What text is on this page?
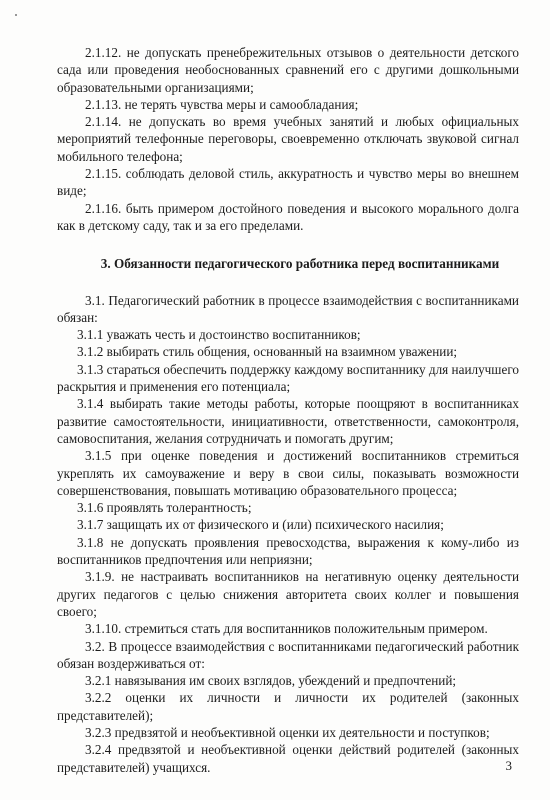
2.1.12. не допускать пренебрежительных отзывов о деятельности детского сада или проведения необоснованных сравнений его с другими дошкольными образовательными организациями;

2.1.13. не терять чувства меры и самообладания;

2.1.14. не допускать во время учебных занятий и любых официальных мероприятий телефонные переговоры, своевременно отключать звуковой сигнал мобильного телефона;

2.1.15. соблюдать деловой стиль, аккуратность и чувство меры во внешнем виде;

2.1.16. быть примером достойного поведения и высокого морального долга как в детскому саду, так и за его пределами.

3. Обязанности педагогического работника перед воспитанниками

3.1. Педагогический работник в процессе взаимодействия с воспитанниками обязан:

3.1.1 уважать честь и достоинство воспитанников;

3.1.2 выбирать стиль общения, основанный на взаимном уважении;

3.1.3 стараться обеспечить поддержку каждому воспитаннику для наилучшего раскрытия и применения его потенциала;

3.1.4 выбирать такие методы работы, которые поощряют в воспитанниках развитие самостоятельности, инициативности, ответственности, самоконтроля, самовоспитания, желания сотрудничать и помогать другим;

3.1.5 при оценке поведения и достижений воспитанников стремиться укреплять их самоуважение и веру в свои силы, показывать возможности совершенствования, повышать мотивацию образовательного процесса;

3.1.6 проявлять толерантность;

3.1.7 защищать их от физического и (или) психического насилия;

3.1.8 не допускать проявления превосходства, выражения к кому-либо из воспитанников предпочтения или неприязни;

3.1.9. не настраивать воспитанников на негативную оценку деятельности других педагогов с целью снижения авторитета своих коллег и повышения своего;

3.1.10. стремиться стать для воспитанников положительным примером.

3.2. В процессе взаимодействия с воспитанниками педагогический работник обязан воздерживаться от:

3.2.1 навязывания им своих взглядов, убеждений и предпочтений;

3.2.2 оценки их личности и личности их родителей (законных представителей);

3.2.3 предвзятой и необъективной оценки их деятельности и поступков;

3.2.4 предвзятой и необъективной оценки действий родителей (законных представителей) учащихся.	3
